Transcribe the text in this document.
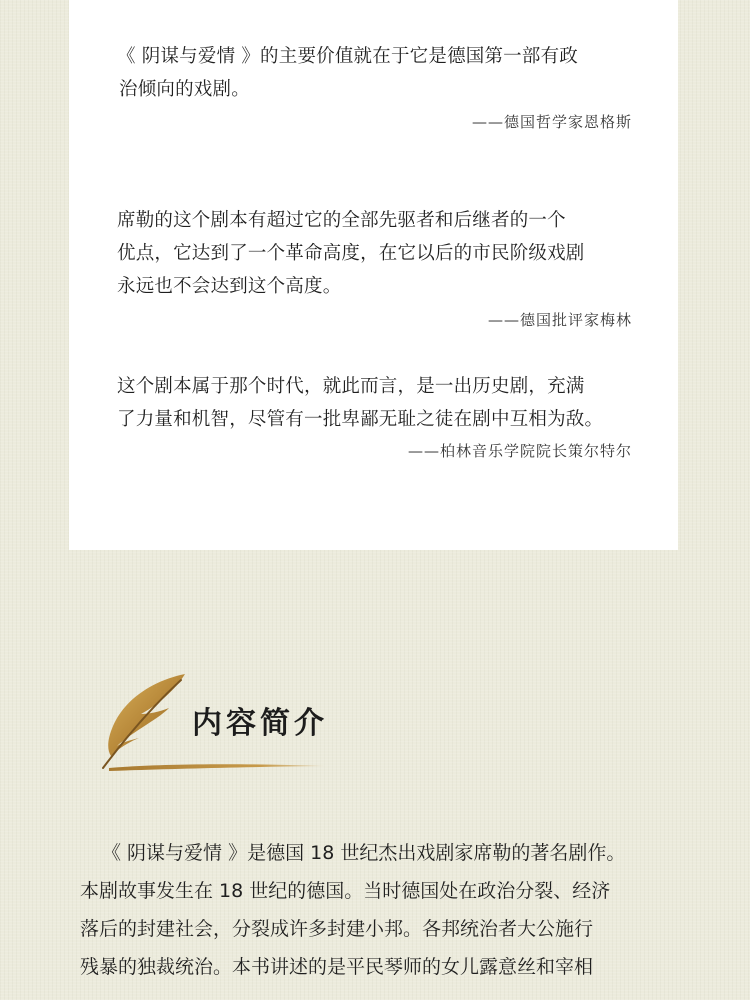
《 阴谋与爱情 》的主要价值就在于它是德国第一部有政
治倾向的戏剧。

——德国哲学家恩格斯

席勒的这个剧本有超过它的全部先驱者和后继者的一个
优点，它达到了一个革命高度，在它以后的市民阶级戏剧
永远也不会达到这个高度。

——德国批评家梅林

这个剧本属于那个时代，就此而言，是一出历史剧，充满
了力量和机智，尽管有一批卑鄙无耻之徒在剧中互相为敌。

——柏林音乐学院院长策尔特尔

内容简介
《 阴谋与爱情 》是德国 18 世纪杰出戏剧家席勒的著名剧作。
本剧故事发生在 18 世纪的德国。当时德国处在政治分裂、经济
落后的封建社会，分裂成许多封建小邦。各邦统治者大公施行
残暴的独裁统治。本书讲述的是平民琴师的女儿露意丝和宰相
